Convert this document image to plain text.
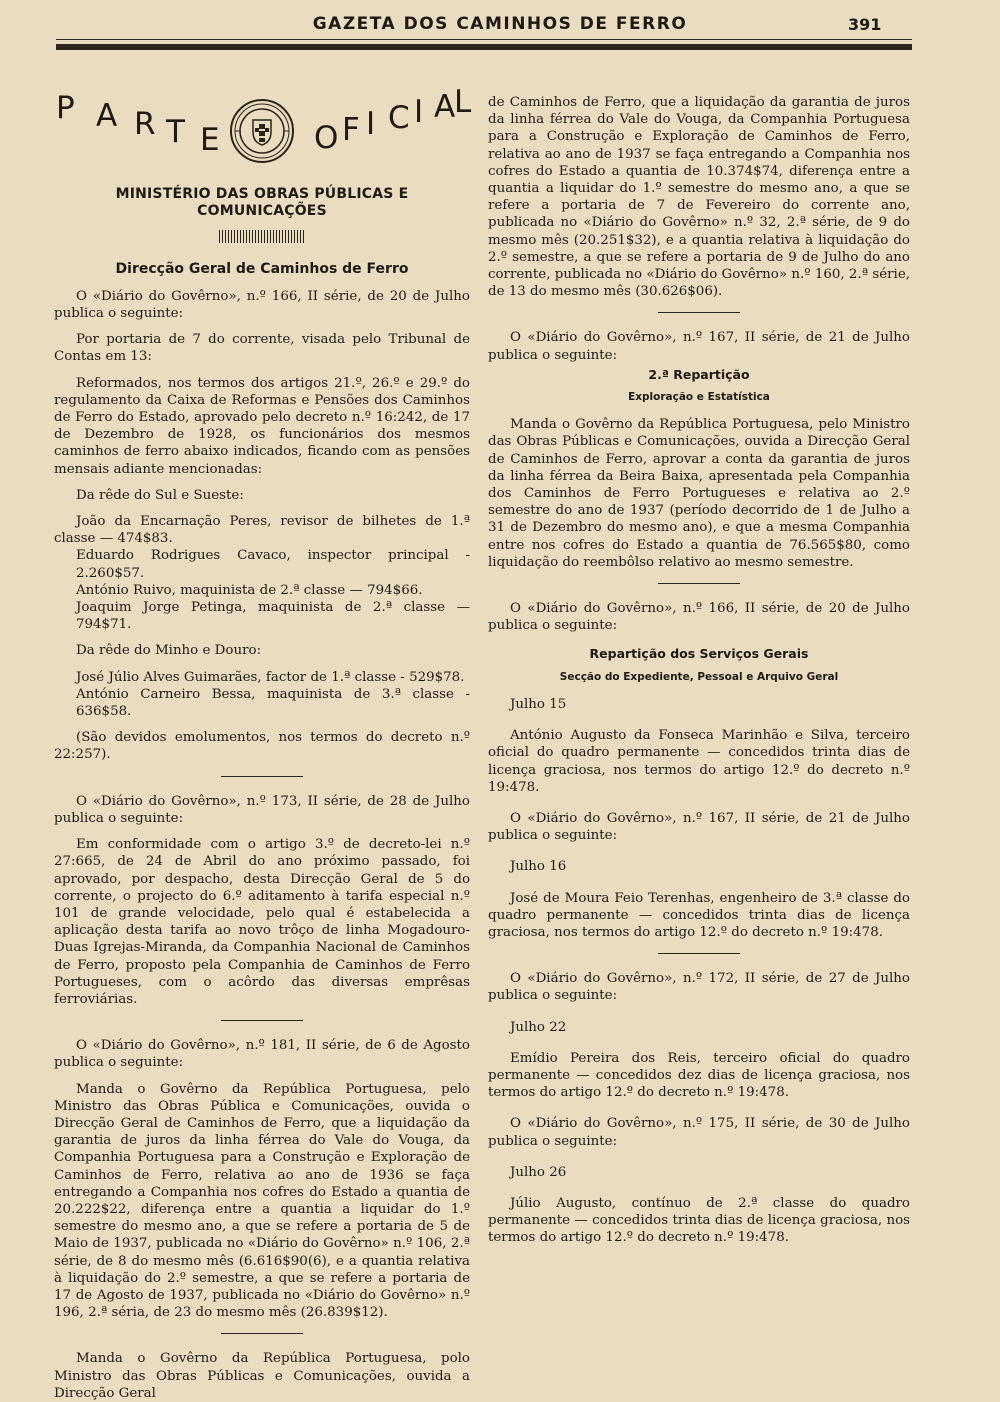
GAZETA DOS CAMINHOS DE FERRO	391
P A R T E	O F I C I A
L
MINISTÉRIO DAS OBRAS PÚBLICAS E COMUNICAÇÕES
Direcção Geral de Caminhos de Ferro

O «Diário do Govêrno», n.º 166, II série, de 20 de Julho publica o seguinte:

Por portaria de 7 do corrente, visada pelo Tribunal de Contas em 13:

Reformados, nos termos dos artigos 21.º, 26.º e 29.º do regulamento da Caixa de Reformas e Pensões dos Caminhos de Ferro do Estado, aprovado pelo decreto n.º 16:242, de 17 de Dezembro de 1928, os funcionários dos mesmos caminhos de ferro abaixo indicados, ficando com as pensões mensais adiante mencionadas:

Da rêde do Sul e Sueste:

João da Encarnação Peres, revisor de bilhetes de 1.ª classe — 474$83.

Eduardo Rodrigues Cavaco, inspector principal - 2.260$57.

António Ruivo, maquinista de 2.ª classe — 794$66.

Joaquim Jorge Petinga, maquinista de 2.ª classe — 794$71.

Da rêde do Minho e Douro:

José Júlio Alves Guimarães, factor de 1.ª classe - 529$78.

António Carneiro Bessa, maquinista de 3.ª classe - 636$58.

(São devidos emolumentos, nos termos do decreto n.º 22:257).

O «Diário do Govêrno», n.º 173, II série, de 28 de Julho publica o seguinte:

Em conformidade com o artigo 3.º de decreto-lei n.º 27:665, de 24 de Abril do ano próximo passado, foi aprovado, por despacho, desta Direcção Geral de 5 do corrente, o projecto do 6.º aditamento à tarifa especial n.º 101 de grande velocidade, pelo qual é estabelecida a aplicação desta tarifa ao novo trôço de linha Mogadouro-Duas Igrejas-Miranda, da Companhia Nacional de Caminhos de Ferro, proposto pela Companhia de Caminhos de Ferro Portugueses, com o acôrdo das diversas emprêsas ferroviárias.

O «Diário do Govêrno», n.º 181, II série, de 6 de Agosto publica o seguinte:

Manda o Govêrno da República Portuguesa, pelo Ministro das Obras Pública e Comunicações, ouvida o Direcção Geral de Caminhos de Ferro, que a liquidação da garantia de juros da linha férrea do Vale do Vouga, da Companhia Portuguesa para a Construção e Exploração de Caminhos de Ferro, relativa ao ano de 1936 se faça entregando a Companhia nos cofres do Estado a quantia de 20.222$22, diferença entre a quantia a liquidar do 1.º semestre do mesmo ano, a que se refere a portaria de 5 de Maio de 1937, publicada no «Diário do Govêrno» n.º 106, 2.ª série, de 8 do mesmo mês (6.616$90(6), e a quantia relativa à liquidação do 2.º semestre, a que se refere a portaria de 17 de Agosto de 1937, publicada no «Diário do Govêrno» n.º 196, 2.ª séria, de 23 do mesmo mês (26.839$12).

Manda o Govêrno da República Portuguesa, polo Ministro das Obras Públicas e Comunicações, ouvida a Direcção Geral

de Caminhos de Ferro, que a liquidação da garantia de juros da linha férrea do Vale do Vouga, da Companhia Portuguesa para a Construção e Exploração de Caminhos de Ferro, relativa ao ano de 1937 se faça entregando a Companhia nos cofres do Estado a quantia de 10.374$74, diferença entre a quantia a liquidar do 1.º semestre do mesmo ano, a que se refere a portaria de 7 de Fevereiro do corrente ano, publicada no «Diário do Govêrno» n.º 32, 2.ª série, de 9 do mesmo mês (20.251$32), e a quantia relativa à liquidação do 2.º semestre, a que se refere a portaria de 9 de Julho do ano corrente, publicada no «Diário do Govêrno» n.º 160, 2.ª série, de 13 do mesmo mês (30.626$06).

O «Diário do Govêrno», n.º 167, II série, de 21 de Julho publica o seguinte:

2.ª Repartição
Exploração e Estatística

Manda o Govêrno da República Portuguesa, pelo Ministro das Obras Públicas e Comunicações, ouvida a Direcção Geral de Caminhos de Ferro, aprovar a conta da garantia de juros da linha férrea da Beira Baixa, apresentada pela Companhia dos Caminhos de Ferro Portugueses e relativa ao 2.º semestre do ano de 1937 (período decorrido de 1 de Julho a 31 de Dezembro do mesmo ano), e que a mesma Companhia entre nos cofres do Estado a quantia de 76.565$80, como liquidação do reembôlso relativo ao mesmo semestre.

O «Diário do Govêrno», n.º 166, II série, de 20 de Julho publica o seguinte:

Repartição dos Serviços Gerais
Secção do Expediente, Pessoal e Arquivo Geral

Julho 15

António Augusto da Fonseca Marinhão e Silva, terceiro oficial do quadro permanente — concedidos trinta dias de licença graciosa, nos termos do artigo 12.º do decreto n.º 19:478.

O «Diário do Govêrno», n.º 167, II série, de 21 de Julho publica o seguinte:

Julho 16

José de Moura Feio Terenhas, engenheiro de 3.ª classe do quadro permanente — concedidos trinta dias de licença graciosa, nos termos do artigo 12.º do decreto n.º 19:478.

O «Diário do Govêrno», n.º 172, II série, de 27 de Julho publica o seguinte:

Julho 22

Emídio Pereira dos Reis, terceiro oficial do quadro permanente — concedidos dez dias de licença graciosa, nos termos do artigo 12.º do decreto n.º 19:478.

O «Diário do Govêrno», n.º 175, II série, de 30 de Julho publica o seguinte:

Julho 26

Júlio Augusto, contínuo de 2.ª classe do quadro permanente — concedidos trinta dias de licença graciosa, nos termos do artigo 12.º do decreto n.º 19:478.
